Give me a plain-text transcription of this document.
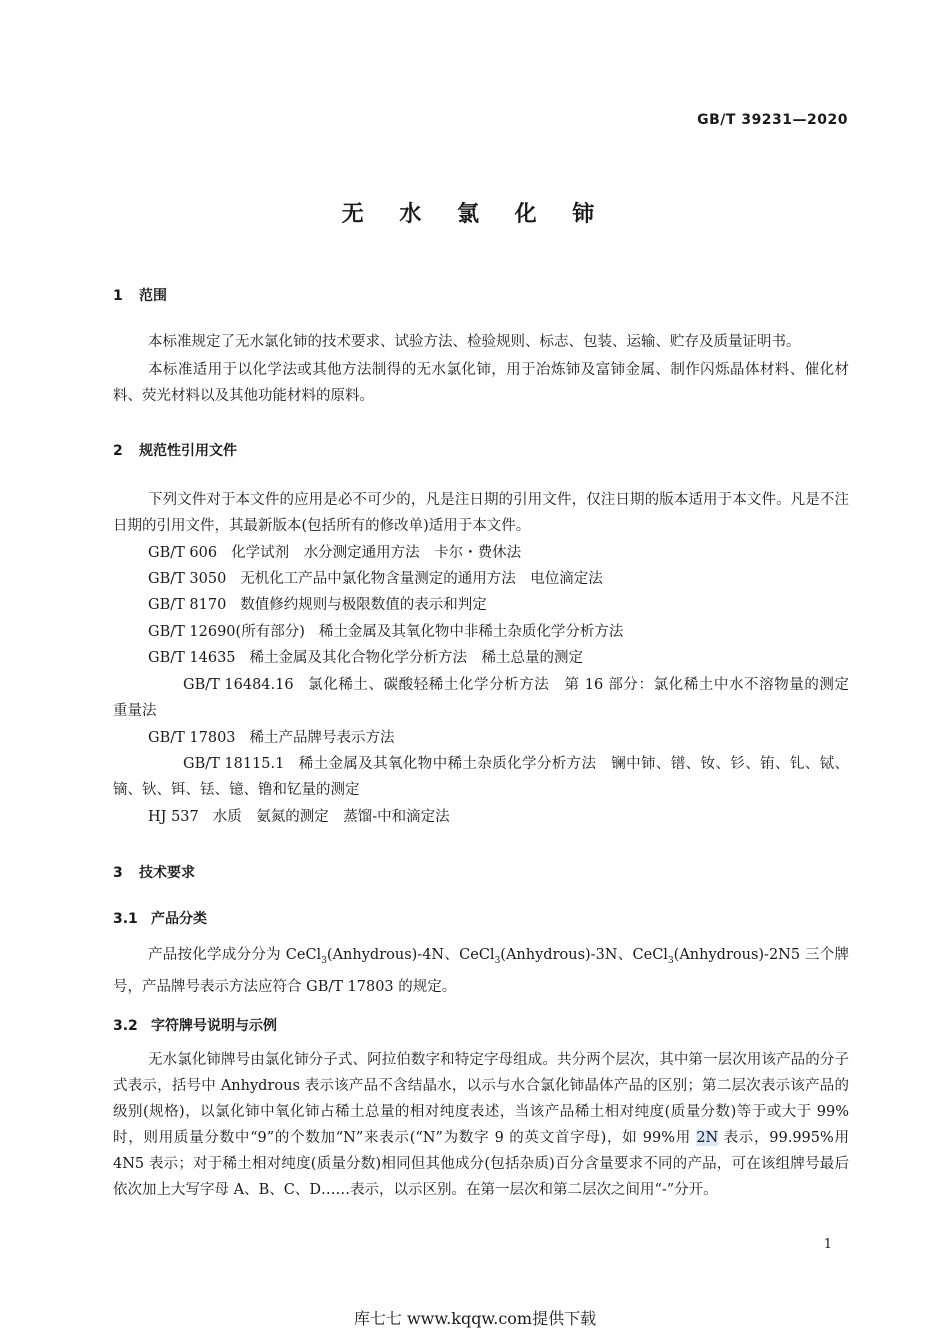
GB/T 39231—2020
无 水 氯 化 铈
1 范围
本标准规定了无水氯化铈的技术要求、试验方法、检验规则、标志、包装、运输、贮存及质量证明书。
本标准适用于以化学法或其他方法制得的无水氯化铈，用于冶炼铈及富铈金属、制作闪烁晶体材料、催化材料、荧光材料以及其他功能材料的原料。
2 规范性引用文件
下列文件对于本文件的应用是必不可少的，凡是注日期的引用文件，仅注日期的版本适用于本文件。凡是不注日期的引用文件，其最新版本(包括所有的修改单)适用于本文件。
GB/T 606 化学试剂　水分测定通用方法　卡尔・费休法
GB/T 3050 无机化工产品中氯化物含量测定的通用方法　电位滴定法
GB/T 8170 数值修约规则与极限数值的表示和判定
GB/T 12690(所有部分) 稀土金属及其氧化物中非稀土杂质化学分析方法
GB/T 14635 稀土金属及其化合物化学分析方法　稀土总量的测定
GB/T 16484.16 氯化稀土、碳酸轻稀土化学分析方法　第 16 部分：氯化稀土中水不溶物量的测定　重量法
GB/T 17803 稀土产品牌号表示方法
GB/T 18115.1 稀土金属及其氧化物中稀土杂质化学分析方法　镧中铈、镨、钕、钐、铕、钆、铽、镝、钬、铒、铥、镱、镥和钇量的测定
HJ 537 水质　氨氮的测定　蒸馏-中和滴定法
3 技术要求
3.1 产品分类
产品按化学成分分为 CeCl$_3$(Anhydrous)-4N、CeCl$_3$(Anhydrous)-3N、CeCl$_3$(Anhydrous)-2N5 三个牌号，产品牌号表示方法应符合 GB/T 17803 的规定。
3.2 字符牌号说明与示例
无水氯化铈牌号由氯化铈分子式、阿拉伯数字和特定字母组成。共分两个层次，其中第一层次用该产品的分子式表示，括号中 Anhydrous 表示该产品不含结晶水，以示与水合氯化铈晶体产品的区别；第二层次表示该产品的级别(规格)，以氯化铈中氧化铈占稀土总量的相对纯度表述，当该产品稀土相对纯度(质量分数)等于或大于 99%时，则用质量分数中“9”的个数加“N”来表示(“N”为数字 9 的英文首字母)，如 99%用 2N 表示，99.995%用 4N5 表示；对于稀土相对纯度(质量分数)相同但其他成分(包括杂质)百分含量要求不同的产品，可在该组牌号最后依次加上大写字母 A、B、C、D……表示，以示区别。在第一层次和第二层次之间用“-”分开。
1
库七七 www.kqqw.com提供下载
